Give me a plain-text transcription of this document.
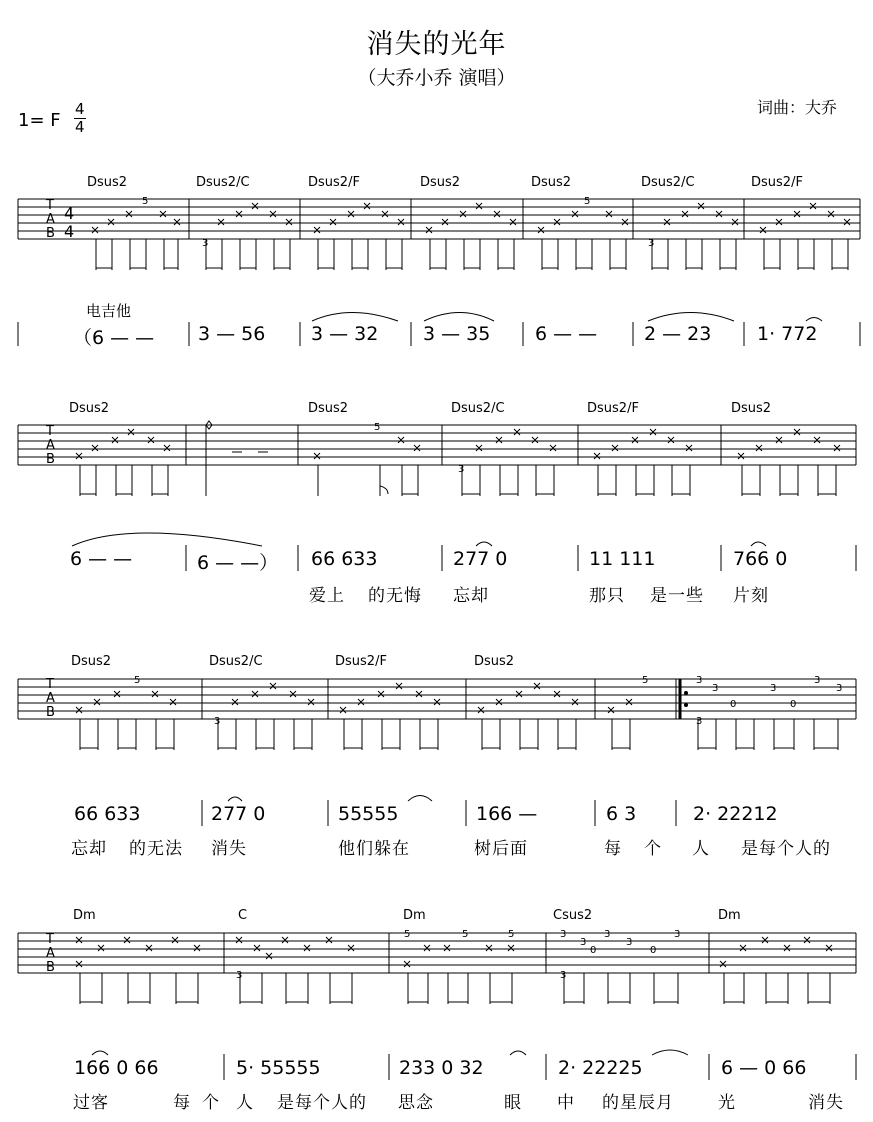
消失的光年
（大乔小乔 演唱）
词曲：大乔
1= F
4
4
Dsus2	Dsus2/C	Dsus2/F	Dsus2	Dsus2	Dsus2/C	Dsus2/F
T
A
B
4
4
电吉他
（6 — — 3 — 56 3 — 32 3 — 35 6 — — 2 — 23 1· 772
Dsus2	Dsus2	Dsus2/C	Dsus2/F	Dsus2
T
A
B
6 — —	6 — —） 66 633	277 0	11 111	766 0
爱上 的无悔 忘却	那只 是一些 片刻
Dsus2	Dsus2/C	Dsus2/F	Dsus2
T
A
B
66 633	277 0	55555	166 —	6 3	2· 22212
忘却 的无法 消失	他们躲在	树后面	每 个 人 是每个人的
Dm	C	Dm	Csus2	Dm
T
A
B
166 0 66	5· 55555	233 0 32	2· 22225	6 — 0 66
过客	每 个 人 是每个人的 思念	眼 中 的星辰月	光	消失
5
3
5
3
5
3
5
3
5	3
3
0
3
0
3
3
3
3
5	5	5	3
3
3
3
0
3
0
3
